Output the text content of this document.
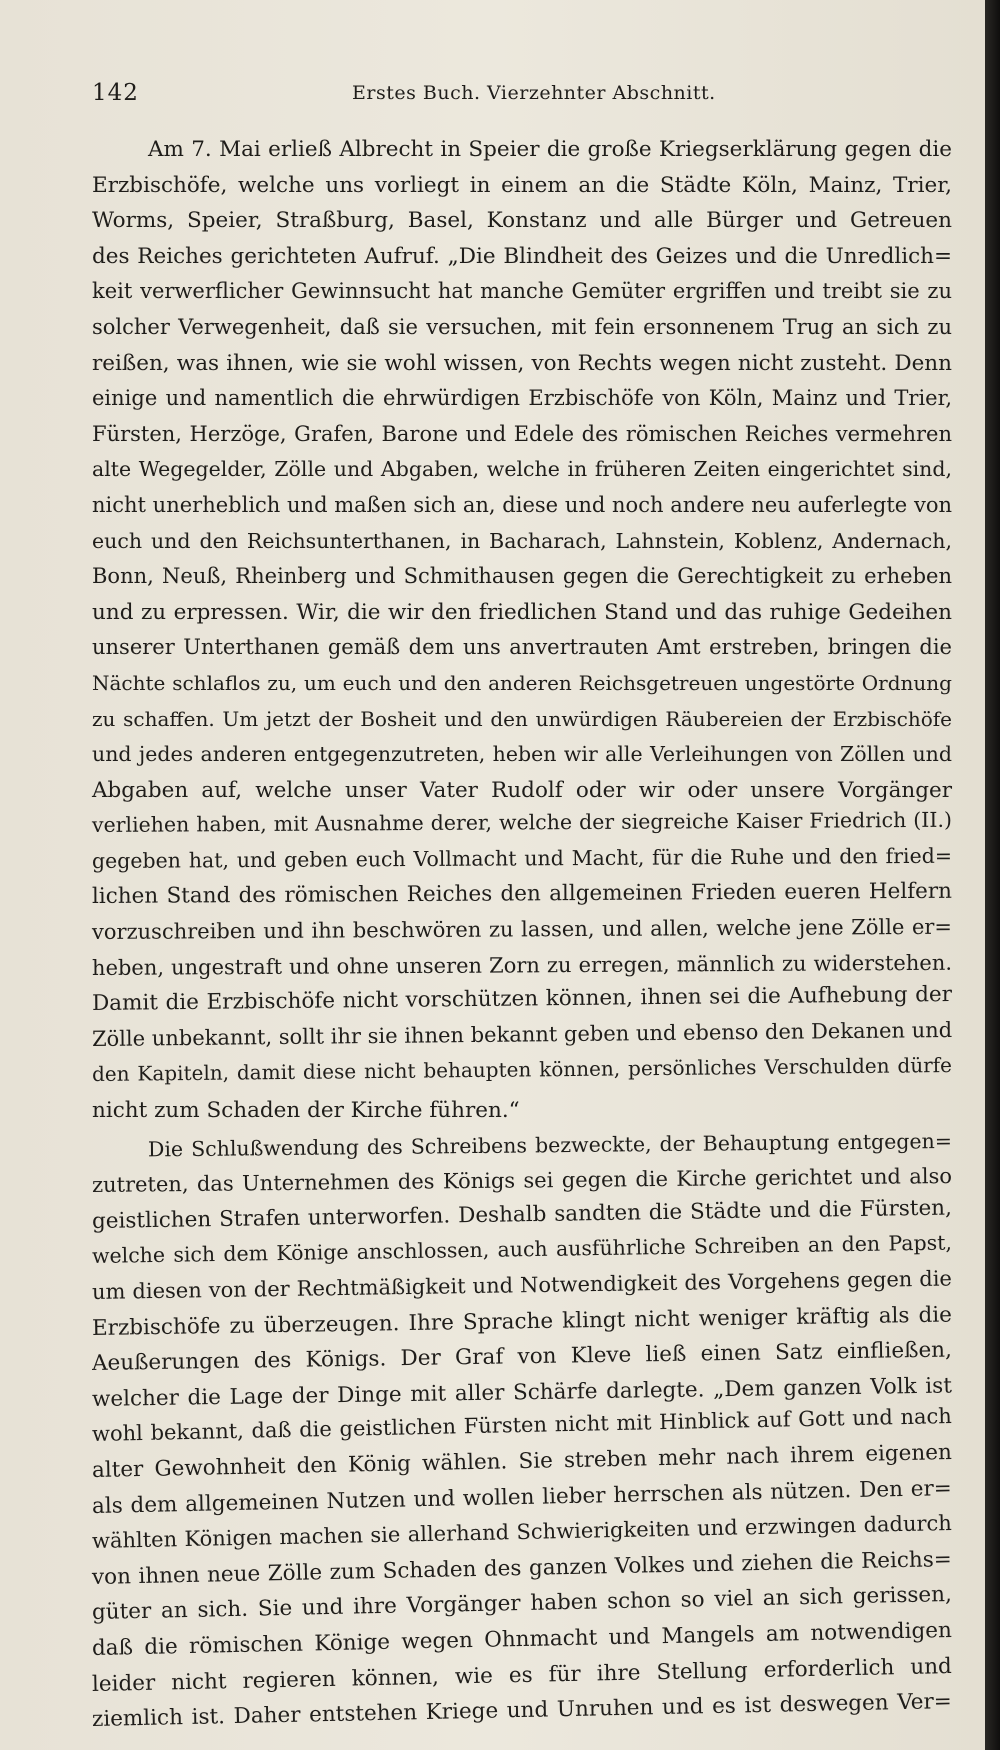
142	Erstes Buch. Vierzehnter Abschnitt.
Am 7. Mai erließ Albrecht in Speier die große Kriegserklärung gegen die
Erzbischöfe, welche uns vorliegt in einem an die Städte Köln, Mainz, Trier,
Worms, Speier, Straßburg, Basel, Konstanz und alle Bürger und Getreuen
des Reiches gerichteten Aufruf. „Die Blindheit des Geizes und die Unredlich=
keit verwerflicher Gewinnsucht hat manche Gemüter ergriffen und treibt sie zu
solcher Verwegenheit, daß sie versuchen, mit fein ersonnenem Trug an sich zu
reißen, was ihnen, wie sie wohl wissen, von Rechts wegen nicht zusteht. Denn
einige und namentlich die ehrwürdigen Erzbischöfe von Köln, Mainz und Trier,
Fürsten, Herzöge, Grafen, Barone und Edele des römischen Reiches vermehren
alte Wegegelder, Zölle und Abgaben, welche in früheren Zeiten eingerichtet sind,
nicht unerheblich und maßen sich an, diese und noch andere neu auferlegte von
euch und den Reichsunterthanen, in Bacharach, Lahnstein, Koblenz, Andernach,
Bonn, Neuß, Rheinberg und Schmithausen gegen die Gerechtigkeit zu erheben
und zu erpressen. Wir, die wir den friedlichen Stand und das ruhige Gedeihen
unserer Unterthanen gemäß dem uns anvertrauten Amt erstreben, bringen die
Nächte schlaflos zu, um euch und den anderen Reichsgetreuen ungestörte Ordnung
zu schaffen. Um jetzt der Bosheit und den unwürdigen Räubereien der Erzbischöfe
und jedes anderen entgegenzutreten, heben wir alle Verleihungen von Zöllen und
Abgaben auf, welche unser Vater Rudolf oder wir oder unsere Vorgänger
verliehen haben, mit Ausnahme derer, welche der siegreiche Kaiser Friedrich (II.)
gegeben hat, und geben euch Vollmacht und Macht, für die Ruhe und den fried=
lichen Stand des römischen Reiches den allgemeinen Frieden eueren Helfern
vorzuschreiben und ihn beschwören zu lassen, und allen, welche jene Zölle er=
heben, ungestraft und ohne unseren Zorn zu erregen, männlich zu widerstehen.
Damit die Erzbischöfe nicht vorschützen können, ihnen sei die Aufhebung der
Zölle unbekannt, sollt ihr sie ihnen bekannt geben und ebenso den Dekanen und
den Kapiteln, damit diese nicht behaupten können, persönliches Verschulden dürfe
nicht zum Schaden der Kirche führen.“
Die Schlußwendung des Schreibens bezweckte, der Behauptung entgegen=
zutreten, das Unternehmen des Königs sei gegen die Kirche gerichtet und also
geistlichen Strafen unterworfen. Deshalb sandten die Städte und die Fürsten,
welche sich dem Könige anschlossen, auch ausführliche Schreiben an den Papst,
um diesen von der Rechtmäßigkeit und Notwendigkeit des Vorgehens gegen die
Erzbischöfe zu überzeugen. Ihre Sprache klingt nicht weniger kräftig als die
Aeußerungen des Königs. Der Graf von Kleve ließ einen Satz einfließen,
welcher die Lage der Dinge mit aller Schärfe darlegte. „Dem ganzen Volk ist
wohl bekannt, daß die geistlichen Fürsten nicht mit Hinblick auf Gott und nach
alter Gewohnheit den König wählen. Sie streben mehr nach ihrem eigenen
als dem allgemeinen Nutzen und wollen lieber herrschen als nützen. Den er=
wählten Königen machen sie allerhand Schwierigkeiten und erzwingen dadurch
von ihnen neue Zölle zum Schaden des ganzen Volkes und ziehen die Reichs=
güter an sich. Sie und ihre Vorgänger haben schon so viel an sich gerissen,
daß die römischen Könige wegen Ohnmacht und Mangels am notwendigen
leider nicht regieren können, wie es für ihre Stellung erforderlich und
ziemlich ist. Daher entstehen Kriege und Unruhen und es ist deswegen Ver=
